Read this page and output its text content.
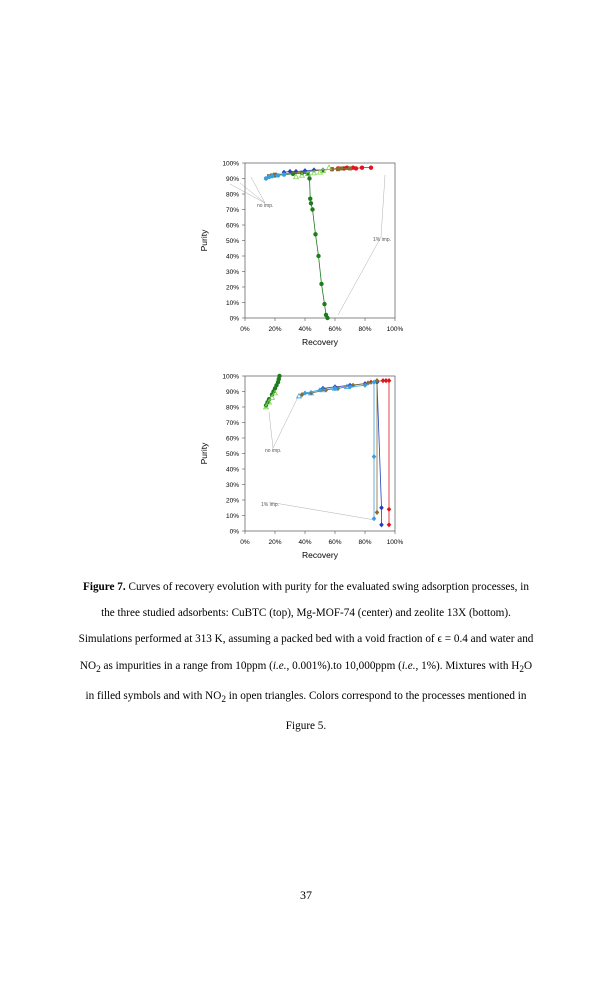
0%
10%
20%
30%
40%
50%
60%
70%
80%
90%
100%
0%	20%	40%	60%	80% 100%
Recovery
Purity
no imp.
1% imp.
0%
10%
20%
30%
40%
50%
60%
70%
80%
90%
100%
0%	20%	40%	60%	80% 100%
Recovery
Purity	no imp.
1% imp.

Figure 7. Curves of recovery evolution with purity for the evaluated swing adsorption processes, in the three studied adsorbents: CuBTC (top), Mg-MOF-74 (center) and zeolite 13X (bottom). Simulations performed at 313 K, assuming a packed bed with a void fraction of ϵ = 0.4 and water and $NO_2$ as impurities in a range from 10ppm (i.e., 0.001%).to 10,000ppm (i.e., 1%). Mixtures with $H_2O$ in filled symbols and with $NO_2$ in open triangles. Colors correspond to the processes mentioned in Figure 5.

37
